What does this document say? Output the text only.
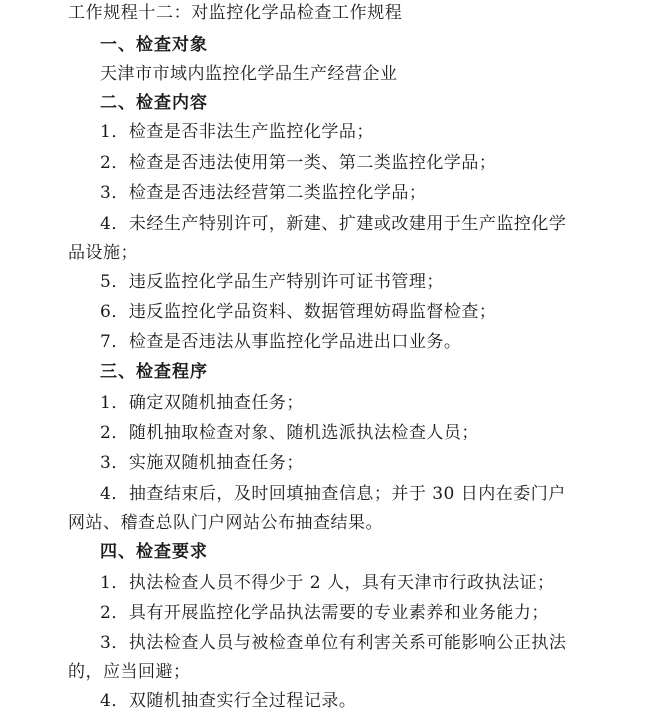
工作规程十二：对监控化学品检查工作规程
一、检查对象
天津市市域内监控化学品生产经营企业
二、检查内容
1．检查是否非法生产监控化学品；
2．检查是否违法使用第一类、第二类监控化学品；
3．检查是否违法经营第二类监控化学品；
4．未经生产特别许可，新建、扩建或改建用于生产监控化学
品设施；
5．违反监控化学品生产特别许可证书管理；
6．违反监控化学品资料、数据管理妨碍监督检查；
7．检查是否违法从事监控化学品进出口业务。
三、检查程序
1．确定双随机抽查任务；
2．随机抽取检查对象、随机选派执法检查人员；
3．实施双随机抽查任务；
4．抽查结束后，及时回填抽查信息；并于 30 日内在委门户
网站、稽查总队门户网站公布抽查结果。
四、检查要求
1．执法检查人员不得少于 2 人，具有天津市行政执法证；
2．具有开展监控化学品执法需要的专业素养和业务能力；
3．执法检查人员与被检查单位有利害关系可能影响公正执法
的，应当回避；
4．双随机抽查实行全过程记录。
